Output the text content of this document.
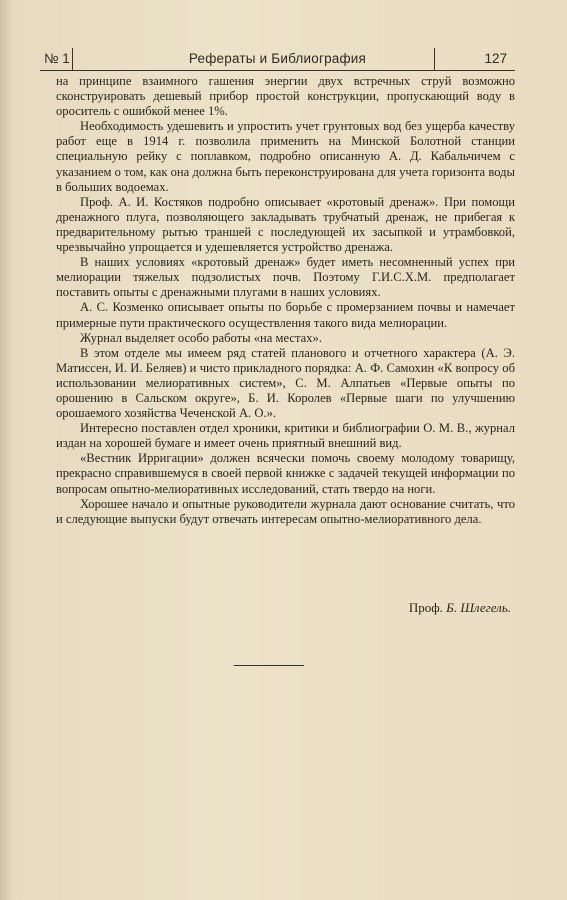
№ 1	Рефераты и Библиография	127

на принципе взаимного гашения энергии двух встречных струй возможно сконструировать дешевый прибор простой конструкции, пропускающий воду в ороситель с ошибкой менее 1%.

Необходимость удешевить и упростить учет грунтовых вод без ущерба качеству работ еще в 1914 г. позволила применить на Минской Болотной станции специальную рейку с поплавком, подробно описанную А. Д. Кабальчичем с указанием о том, как она должна быть переконструирована для учета горизонта воды в больших водоемах.

Проф. А. И. Костяков подробно описывает «кротовый дренаж». При помощи дренажного плуга, позволяющего закладывать трубчатый дренаж, не прибегая к предварительному рытью траншей с последующей их засыпкой и утрамбовкой, чрезвычайно упрощается и удешевляется устройство дренажа.

В наших условиях «кротовый дренаж» будет иметь несомненный успех при мелиорации тяжелых подзолистых почв. Поэтому Г.И.С.Х.М. предполагает поставить опыты с дренажными плугами в наших условиях.

А. С. Козменко описывает опыты по борьбе с промерзанием почвы и намечает примерные пути практического осуществления такого вида мелиорации.

Журнал выделяет особо работы «на местах».

В этом отделе мы имеем ряд статей планового и отчетного характера (А. Э. Матиссен, И. И. Беляев) и чисто прикладного порядка: А. Ф. Самохин «К вопросу об использовании мелиоративных систем», С. М. Алпатьев «Первые опыты по орошению в Сальском округе», Б. И. Королев «Первые шаги по улучшению орошаемого хозяйства Чеченской А. О.».

Интересно поставлен отдел хроники, критики и библиографии О. М. В., журнал издан на хорошей бумаге и имеет очень приятный внешний вид.

«Вестник Ирригации» должен всячески помочь своему молодому товарищу, прекрасно справившемуся в своей первой книжке с задачей текущей информации по вопросам опытно-мелиоративных исследований, стать твердо на ноги.

Хорошее начало и опытные руководители журнала дают основание считать, что и следующие выпуски будут отвечать интересам опытно-мелиоративного дела.

Проф. Б. Шлегель.
